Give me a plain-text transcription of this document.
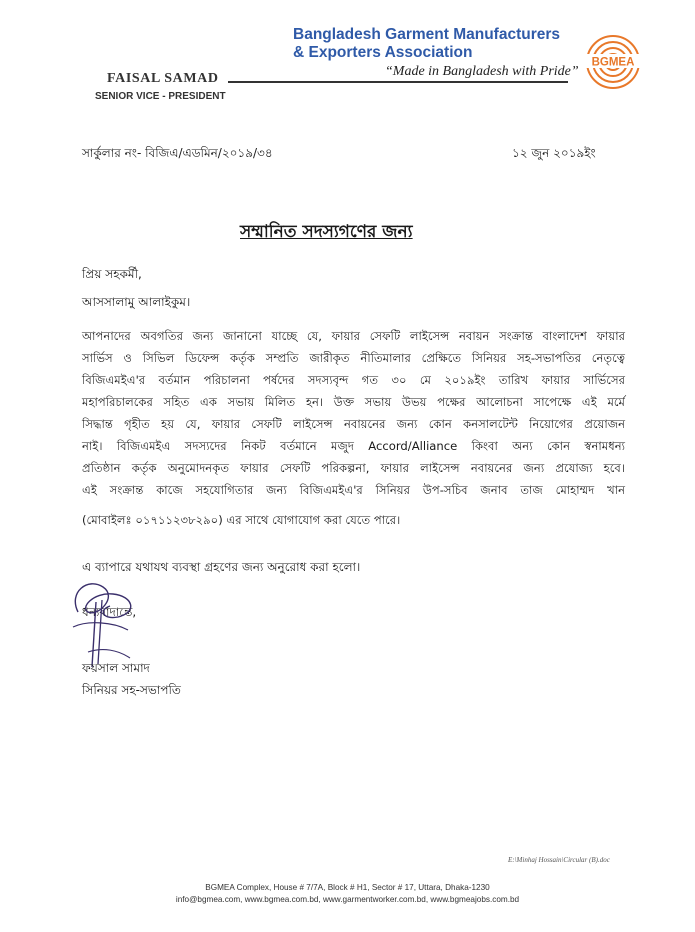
Bangladesh Garment Manufacturers
& Exporters Association
“Made in Bangladesh with Pride”
BGMEA
FAISAL SAMAD
SENIOR VICE - PRESIDENT
সার্কুলার নং- বিজিএ/এডমিন/২০১৯/৩৪	১২ জুন ২০১৯ইং
সম্মানিত সদস্যগণের জন্য
প্রিয় সহকর্মী,
আসসালামু আলাইকুম।
আপনাদের অবগতির জন্য জানানো যাচ্ছে যে, ফায়ার সেফটি লাইসেন্স নবায়ন সংক্রান্ত বাংলাদেশ ফায়ার
সার্ভিস ও সিভিল ডিফেন্স কর্তৃক সম্প্রতি জারীকৃত নীতিমালার প্রেক্ষিতে সিনিয়র সহ-সভাপতির নেতৃত্বে
বিজিএমইএ'র বর্তমান পরিচালনা পর্ষদের সদস্যবৃন্দ গত ৩০ মে ২০১৯ইং তারিখ ফায়ার সার্ভিসের
মহাপরিচালকের সহিত এক সভায় মিলিত হন। উক্ত সভায় উভয় পক্ষের আলোচনা সাপেক্ষে এই মর্মে
সিদ্ধান্ত গৃহীত হয় যে, ফায়ার সেফটি লাইসেন্স নবায়নের জন্য কোন কনসালটেন্ট নিয়োগের প্রয়োজন
নাই। বিজিএমইএ সদস্যদের নিকট বর্তমানে মজুদ Accord/Alliance কিংবা অন্য কোন স্বনামধন্য
প্রতিষ্ঠান কর্তৃক অনুমোদনকৃত ফায়ার সেফটি পরিকল্পনা, ফায়ার লাইসেন্স নবায়নের জন্য প্রযোজ্য হবে।
এই সংক্রান্ত কাজে সহযোগিতার জন্য বিজিএমইএ'র সিনিয়র উপ-সচিব জনাব তাজ মোহাম্মদ খান
(মোবাইলঃ ০১৭১১২৩৮২৯০) এর সাথে যোগাযোগ করা যেতে পারে।
এ ব্যাপারে যথাযথ ব্যবস্থা গ্রহণের জন্য অনুরোধ করা হলো।
ধন্যবাদান্তে,
ফয়সাল সামাদ
সিনিয়র সহ-সভাপতি
E:\Minhaj Hossain\Circular (B).doc
BGMEA Complex, House # 7/7A, Block # H1, Sector # 17, Uttara, Dhaka-1230
info@bgmea.com, www.bgmea.com.bd, www.garmentworker.com.bd, www.bgmeajobs.com.bd
